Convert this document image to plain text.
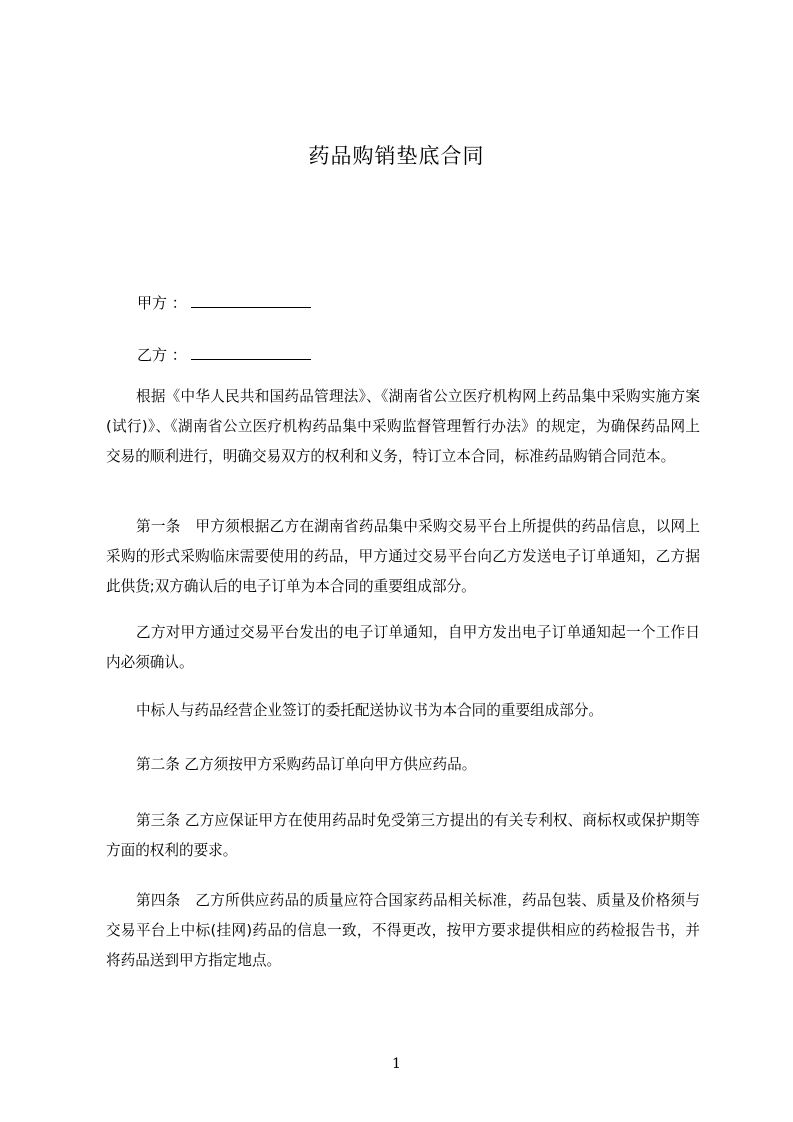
药品购销垫底合同
甲方 ：
乙方 ：

根据《中华人民共和国药品管理法》、《湖南省公立医疗机构网上药品集中采购实施方案(试行)》、《湖南省公立医疗机构药品集中采购监督管理暂行办法》的规定，为确保药品网上交易的顺利进行，明确交易双方的权利和义务，特订立本合同，标准药品购销合同范本。

第一条　甲方须根据乙方在湖南省药品集中采购交易平台上所提供的药品信息，以网上采购的形式采购临床需要使用的药品，甲方通过交易平台向乙方发送电子订单通知，乙方据此供货;双方确认后的电子订单为本合同的重要组成部分。

乙方对甲方通过交易平台发出的电子订单通知，自甲方发出电子订单通知起一个工作日内必须确认。

中标人与药品经营企业签订的委托配送协议书为本合同的重要组成部分。

第二条 乙方须按甲方采购药品订单向甲方供应药品。

第三条 乙方应保证甲方在使用药品时免受第三方提出的有关专利权、商标权或保护期等方面的权利的要求。

第四条　乙方所供应药品的质量应符合国家药品相关标准，药品包装、质量及价格须与交易平台上中标(挂网)药品的信息一致，不得更改，按甲方要求提供相应的药检报告书，并将药品送到甲方指定地点。

1
